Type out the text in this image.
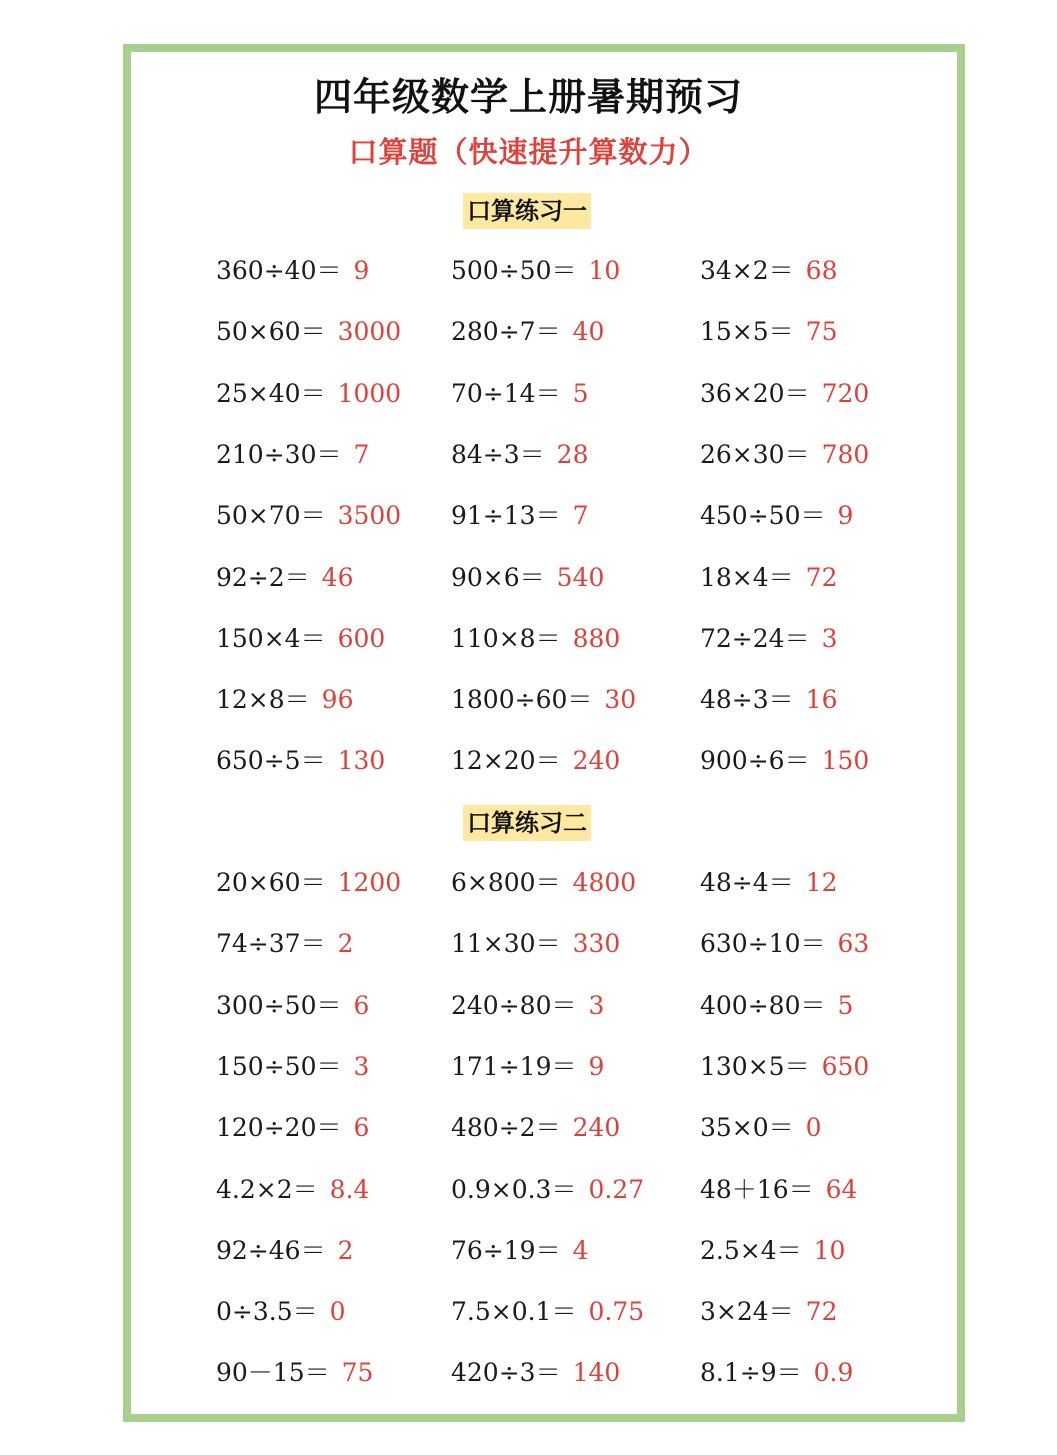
四年级数学上册暑期预习
口算题（快速提升算数力）
口算练习一
360÷40＝ 9	500÷50＝ 10	34×2＝ 68
50×60＝ 3000 280÷7＝ 40	15×5＝ 75
25×40＝ 1000 70÷14＝ 5	36×20＝ 720
210÷30＝ 7	84÷3＝ 28	26×30＝ 780
50×70＝ 3500 91÷13＝ 7	450÷50＝ 9
92÷2＝ 46	90×6＝ 540	18×4＝ 72
150×4＝ 600	110×8＝ 880	72÷24＝ 3
12×8＝ 96	1800÷60＝ 30	48÷3＝ 16
650÷5＝ 130	12×20＝ 240	900÷6＝ 150
口算练习二
20×60＝ 1200 6×800＝ 4800	48÷4＝ 12
74÷37＝ 2	11×30＝ 330	630÷10＝ 63
300÷50＝ 6	240÷80＝ 3	400÷80＝ 5
150÷50＝ 3	171÷19＝ 9	130×5＝ 650
120÷20＝ 6	480÷2＝ 240	35×0＝ 0
4.2×2＝ 8.4	0.9×0.3＝ 0.27 48＋16＝ 64
92÷46＝ 2	76÷19＝ 4	2.5×4＝ 10
0÷3.5＝ 0	7.5×0.1＝ 0.75 3×24＝ 72
90－15＝ 75	420÷3＝ 140	8.1÷9＝ 0.9
